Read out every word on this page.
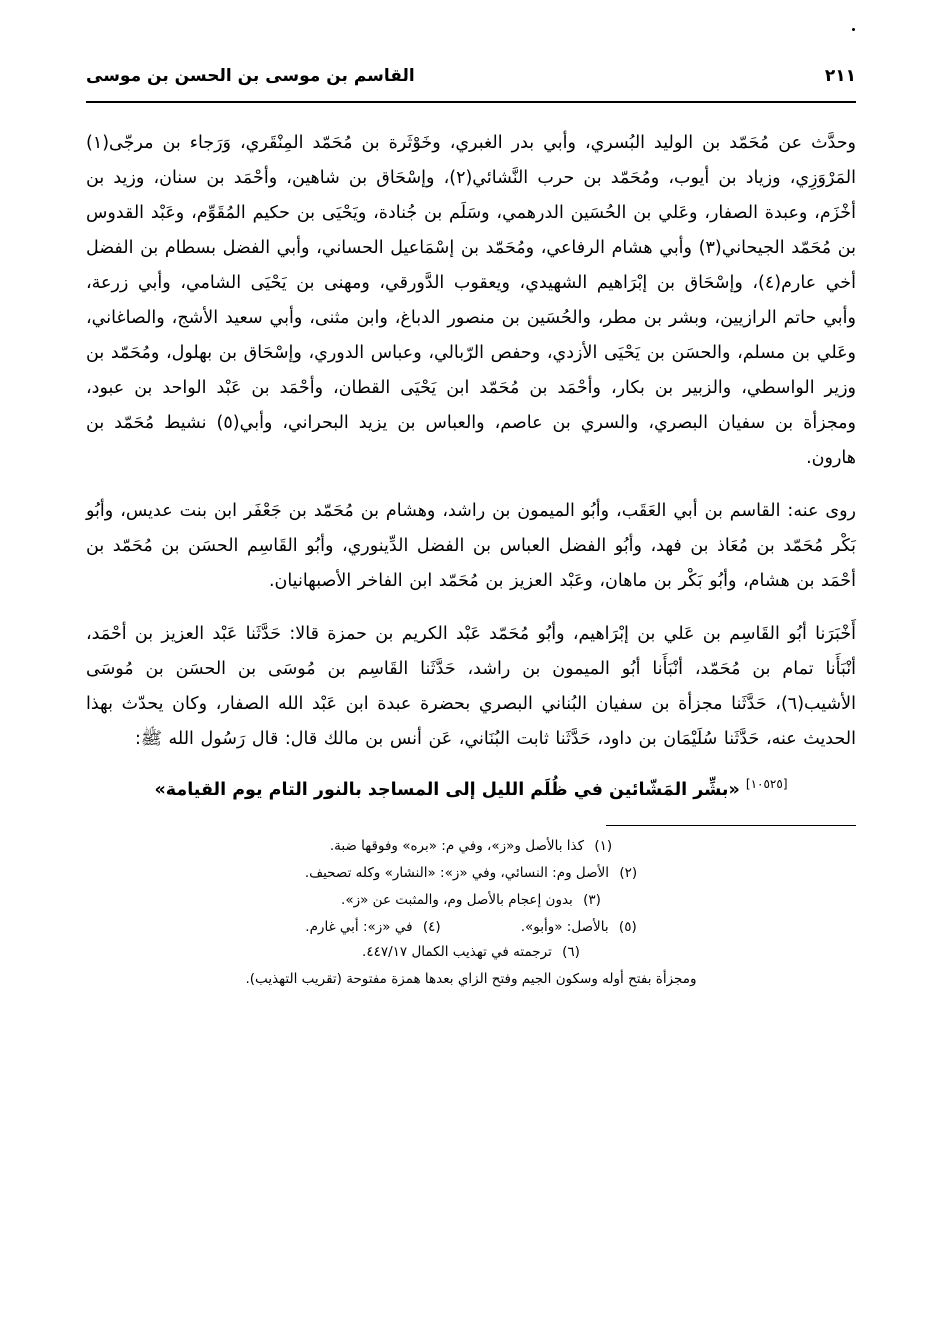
القاسم بن موسى بن الحسن بن موسى	٢١١

وحدَّث عن مُحَمّد بن الوليد البُسري، وأبي بدر الغبري، وخَوْثَرة بن مُحَمّد المِنْقَري، وَرَجاء بن مرجّى(١) المَرْوَزِي، وزياد بن أيوب، ومُحَمّد بن حرب النَّشائي(٢)، وإسْحَاق بن شاهين، وأحْمَد بن سنان، وزيد بن أخْزَم، وعبدة الصفار، وعَلي بن الحُسَين الدرهمي، وسَلَم بن جُنادة، ويَحْيَى بن حكيم المُقَوِّم، وعَبْد القدوس بن مُحَمّد الجيحاني(٣) وأبي هشام الرفاعي، ومُحَمّد بن إسْمَاعيل الحساني، وأبي الفضل بسطام بن الفضل أخي عارم(٤)، وإسْحَاق بن إبْرَاهيم الشهيدي، ويعقوب الدَّورقي، ومهنى بن يَحْيَى الشامي، وأبي زرعة، وأبي حاتم الرازيين، وبشر بن مطر، والحُسَين بن منصور الدباغ، وابن مثنى، وأبي سعيد الأشج، والصاغاني، وعَلي بن مسلم، والحسَن بن يَحْيَى الأزدي، وحفص الرّبالي، وعباس الدوري، وإسْحَاق بن بهلول، ومُحَمّد بن وزير الواسطي، والزبير بن بكار، وأحْمَد بن مُحَمّد ابن يَحْيَى القطان، وأحْمَد بن عَبْد الواحد بن عبود، ومجزأة بن سفيان البصري، والسري بن عاصم، والعباس بن يزيد البحراني، وأبي(٥) نشيط مُحَمّد بن هارون.

روى عنه: القاسم بن أبي العَقَب، وأبُو الميمون بن راشد، وهشام بن مُحَمّد بن جَعْفَر ابن بنت عديس، وأبُو بَكْر مُحَمّد بن مُعَاذ بن فهد، وأبُو الفضل العباس بن الفضل الدِّينوري، وأبُو القَاسِم الحسَن بن مُحَمّد بن أحْمَد بن هشام، وأبُو بَكْر بن ماهان، وعَبْد العزيز بن مُحَمّد ابن الفاخر الأصبهانيان.

أَخْبَرَنا أبُو القَاسِم بن عَلي بن إبْرَاهيم، وأبُو مُحَمّد عَبْد الكريم بن حمزة قالا: حَدَّثَنا عَبْد العزيز بن أحْمَد، أنْبَأَنا تمام بن مُحَمّد، أنْبَأَنا أبُو الميمون بن راشد، حَدَّثَنا القَاسِم بن مُوسَى بن الحسَن بن مُوسَى الأشيب(٦)، حَدَّثَنا مجزأة بن سفيان البُناني البصري بحضرة عبدة ابن عَبْد الله الصفار، وكان يحدّث بهذا الحديث عنه، حَدَّثَنا سُلَيْمَان بن داود، حَدَّثَنا ثابت البُنَاني، عَن أنس بن مالك قال: قال رَسُول الله ﷺ:

[١٠٥٢٥] «بشِّر المَشّائين في ظُلَم الليل إلى المساجد بالنور التام يوم القيامة»

(١) كذا بالأصل و«ز»، وفي م: «بره» وفوقها ضبة.
(٢) الأصل وم: النسائي، وفي «ز»: «النشار» وكله تصحيف.
(٣) بدون إعجام بالأصل وم، والمثبت عن «ز».
(٤) في «ز»: أبي غارم.	(٥) بالأصل: «وأبو».
(٦) ترجمته في تهذيب الكمال ٤٤٧/١٧.
ومجزأة بفتح أوله وسكون الجيم وفتح الزاي بعدها همزة مفتوحة (تقريب التهذيب).
